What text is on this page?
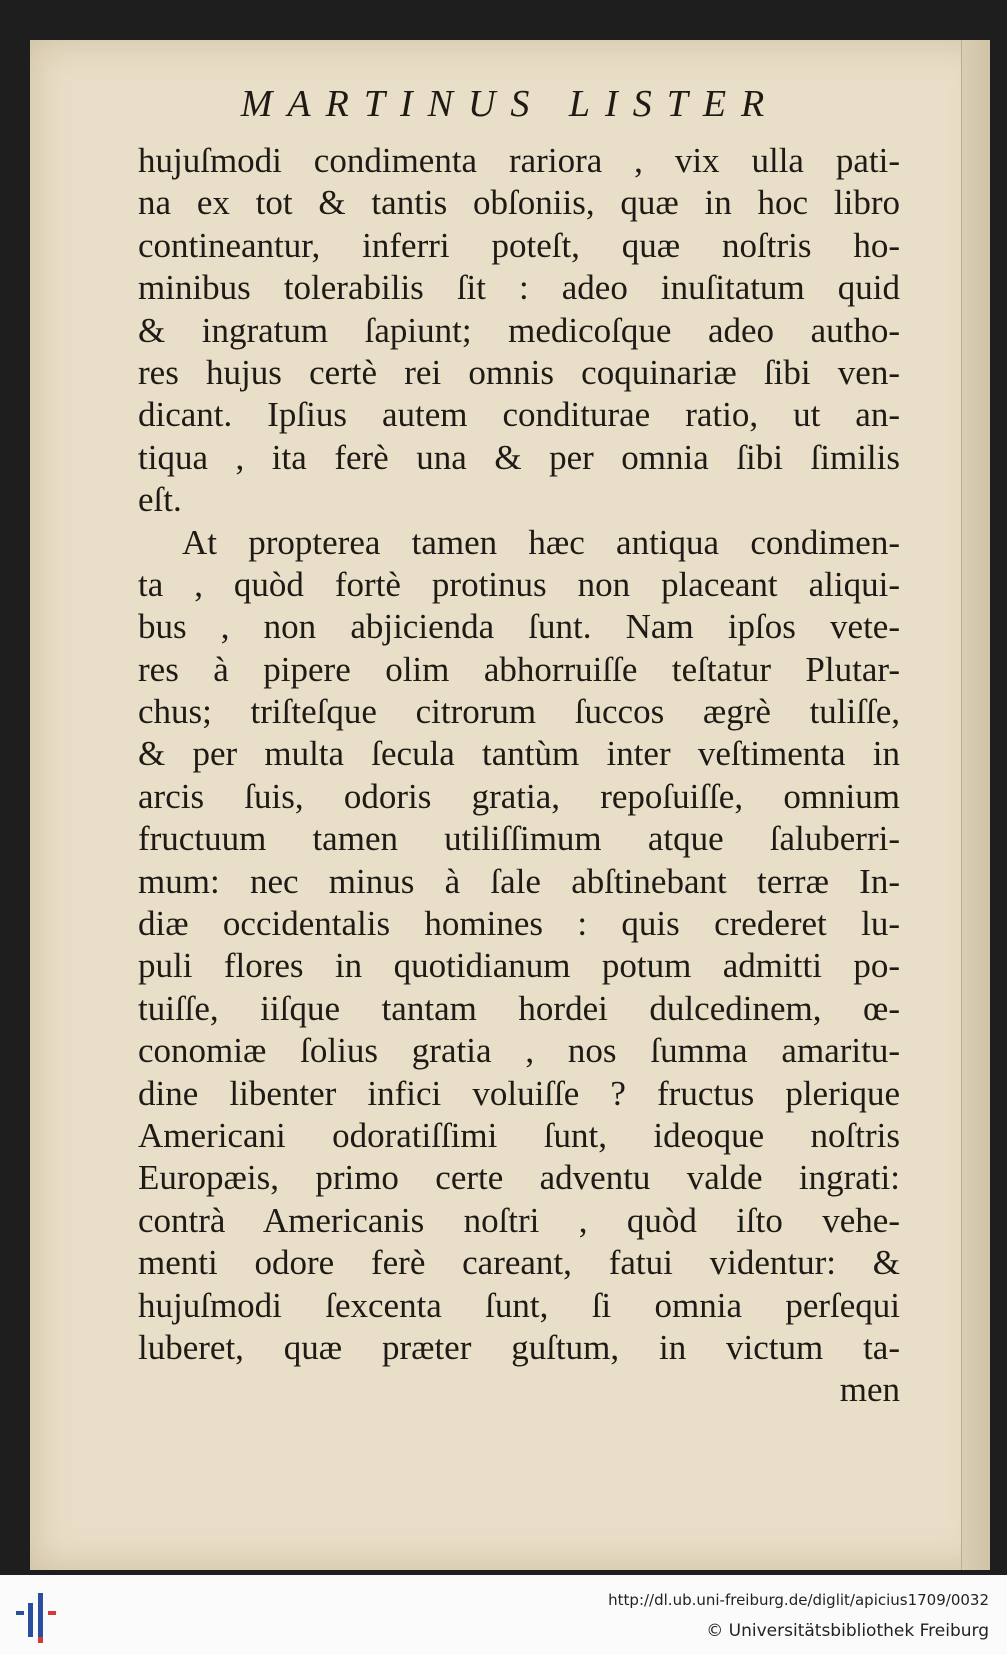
MARTINUS LISTER
hujuſmodi condimenta rariora , vix ulla pati-
na ex tot & tantis obſoniis, quæ in hoc libro
contineantur, inferri poteſt, quæ noſtris ho-
minibus tolerabilis ſit : adeo inuſitatum quid
& ingratum ſapiunt; medicoſque adeo autho-
res hujus certè rei omnis coquinariæ ſibi ven-
dicant. Ipſius autem conditurae ratio, ut an-
tiqua , ita ferè una & per omnia ſibi ſimilis
eſt.
At propterea tamen hæc antiqua condimen-
ta , quòd fortè protinus non placeant aliqui-
bus , non abjicienda ſunt. Nam ipſos vete-
res à pipere olim abhorruiſſe teſtatur Plutar-
chus; triſteſque citrorum ſuccos ægrè tuliſſe,
& per multa ſecula tantùm inter veſtimenta in
arcis ſuis, odoris gratia, repoſuiſſe, omnium
fructuum tamen utiliſſimum atque ſaluberri-
mum: nec minus à ſale abſtinebant terræ In-
diæ occidentalis homines : quis crederet lu-
puli flores in quotidianum potum admitti po-
tuiſſe, iiſque tantam hordei dulcedinem, œ-
conomiæ ſolius gratia , nos ſumma amaritu-
dine libenter infici voluiſſe ? fructus plerique
Americani odoratiſſimi ſunt, ideoque noſtris
Europæis, primo certe adventu valde ingrati:
contrà Americanis noſtri , quòd iſto vehe-
menti odore ferè careant, fatui videntur: &
hujuſmodi ſexcenta ſunt, ſi omnia perſequi
luberet, quæ præter guſtum, in victum ta-
men
http://dl.ub.uni-freiburg.de/diglit/apicius1709/0032
© Universitätsbibliothek Freiburg
